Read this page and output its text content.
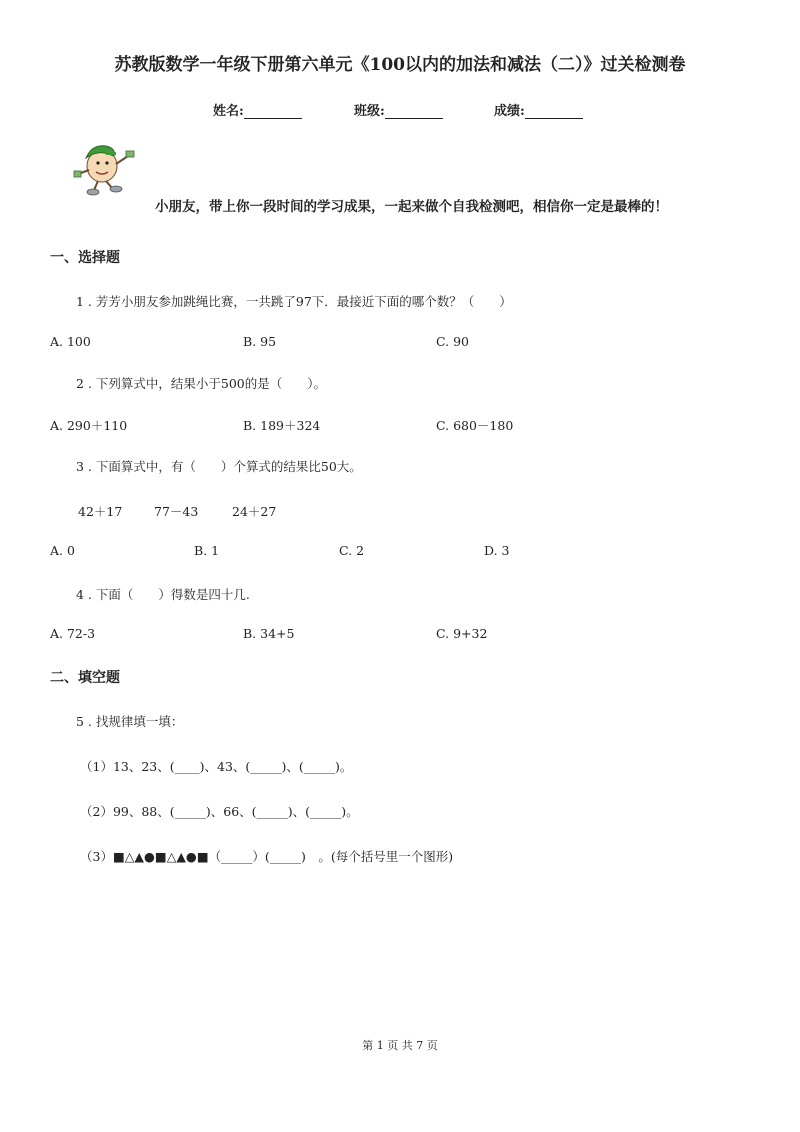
苏教版数学一年级下册第六单元《100以内的加法和减法（二）》过关检测卷
姓名:	班级:	成绩:
小朋友，带上你一段时间的学习成果，一起来做个自我检测吧，相信你一定是最棒的！
一、选择题
1 . 芳芳小朋友参加跳绳比赛，一共跳了97下．最接近下面的哪个数？（　　）
A. 100	B. 95	C. 90
2 . 下列算式中，结果小于500的是（　　）。
A. 290＋110	B. 189＋324	C. 680－180
3 . 下面算式中，有（　　）个算式的结果比50大。
42＋17	77－43	24＋27
A. 0	B. 1	C. 2	D. 3
4 . 下面（　　）得数是四十几.
A. 72-3	B. 34+5	C. 9+32
二、填空题
5 . 找规律填一填：
（1）13、23、(____)、43、(_____)、(_____)。
（2）99、88、(_____)、66、(_____)、(_____)。
（3）■△▲●■△▲●■（_____）(_____)　。(每个括号里一个图形)
第 1 页 共 7 页
